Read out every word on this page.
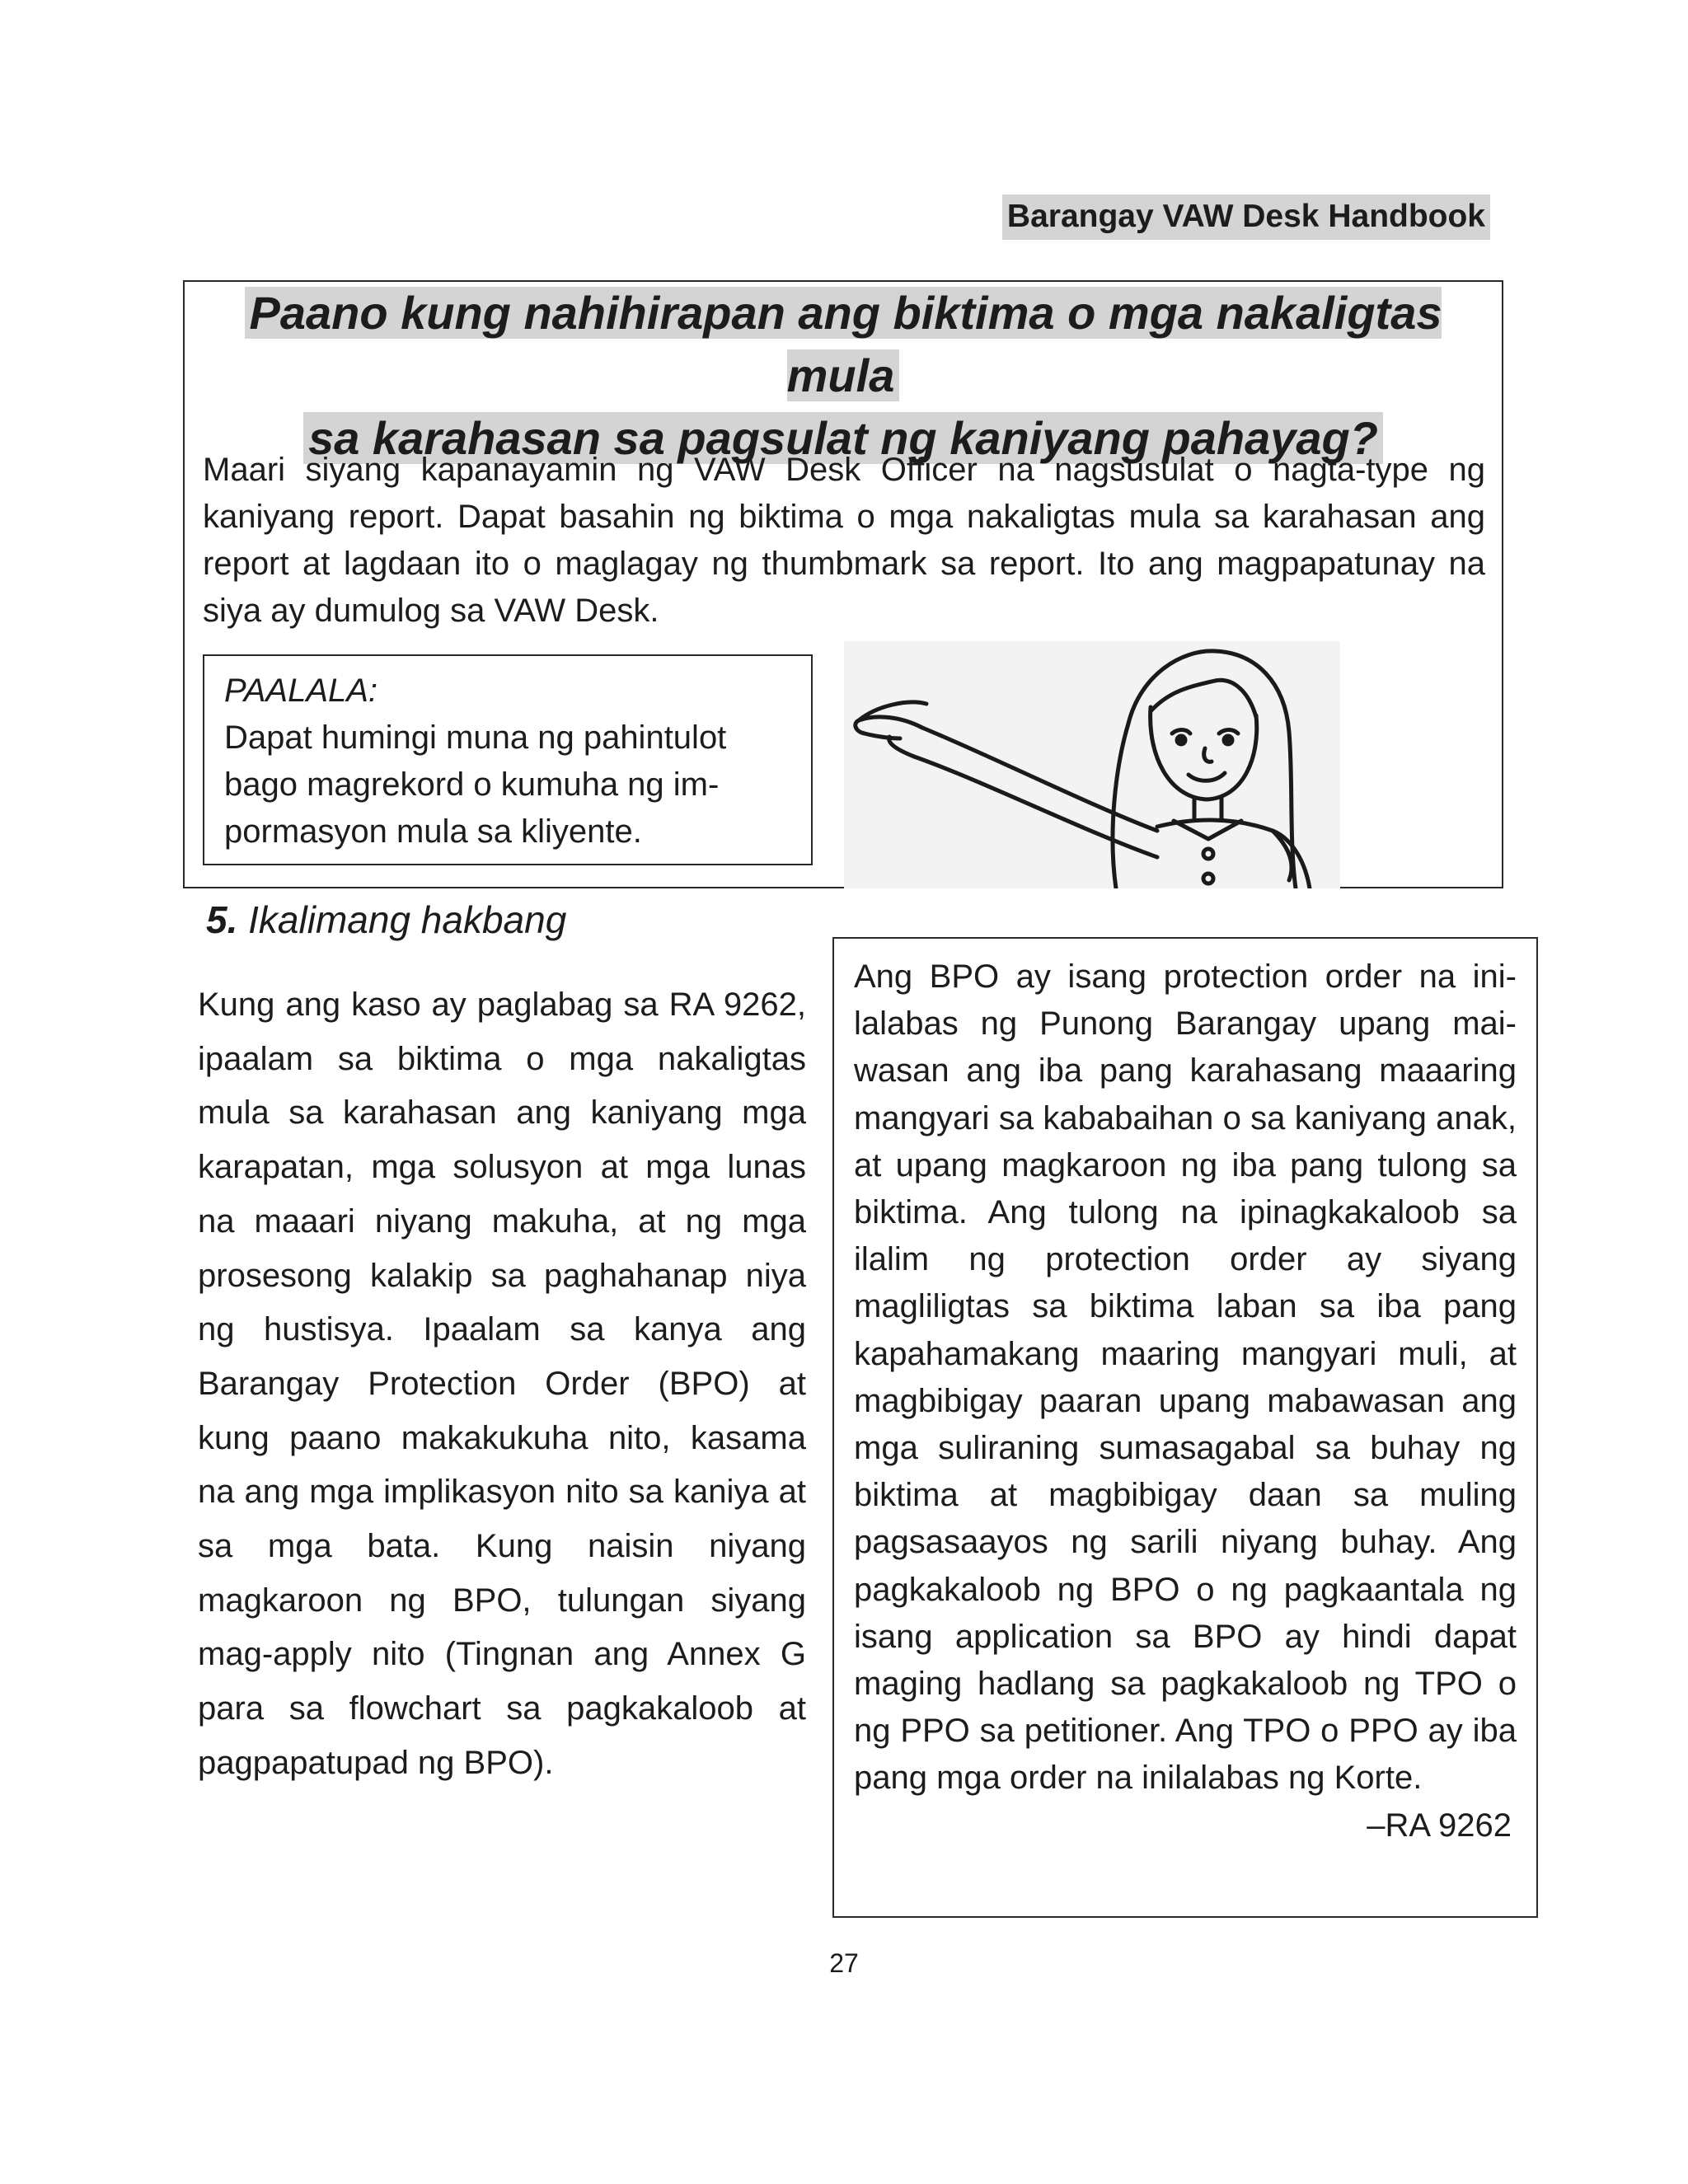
Barangay VAW Desk Handbook
Paano kung nahihirapan ang biktima o mga nakaligtas mula
sa karahasan sa pagsulat ng kaniyang pahayag?

Maari siyang kapanayamin ng VAW Desk Officer na nagsusulat o nagta-type ng kaniyang report. Dapat basahin ng biktima o mga nakaligtas mula sa karahasan ang report at lagdaan ito o maglagay ng thumbmark sa report. Ito ang magpapatunay na siya ay dumulog sa VAW Desk.

PAALALA:
Dapat humingi muna ng pahintulot bago magrekord o kumuha ng impormasyon mula sa kliyente.
5. Ikalimang hakbang

Kung ang kaso ay paglabag sa RA 9262, ipaalam sa biktima o mga nakaligtas mula sa karahasan ang kaniyang mga karapatan, mga solusyon at mga lunas na maaari niyang makuha, at ng mga prosesong kalakip sa paghahanap niya ng hustisya. Ipaalam sa kanya ang Barangay Protection Order (BPO) at kung paano makakukuha nito, kasama na ang mga implikasyon nito sa kaniya at sa mga bata. Kung naisin niyang magkaroon ng BPO, tulungan siyang mag-apply nito (Tingnan ang Annex G para sa flowchart sa pagkakaloob at pagpapatupad ng BPO).

Ang BPO ay isang protection order na inilalabas ng Punong Barangay upang maiwasan ang iba pang karahasang maaaring mangyari sa kababaihan o sa kaniyang anak, at upang magkaroon ng iba pang tulong sa biktima. Ang tulong na ipinagkakaloob sa ilalim ng protection order ay siyang magliligtas sa biktima laban sa iba pang kapahamakang maaring mangyari muli, at magbibigay paaran upang mabawasan ang mga suliraning sumasagabal sa buhay ng biktima at magbibigay daan sa muling pagsasaayos ng sarili niyang buhay. Ang pagkakaloob ng BPO o ng pagkaantala ng isang application sa BPO ay hindi dapat maging hadlang sa pagkakaloob ng TPO o ng PPO sa petitioner. Ang TPO o PPO ay iba pang mga order na inilalabas ng Korte.

–RA 9262

27
